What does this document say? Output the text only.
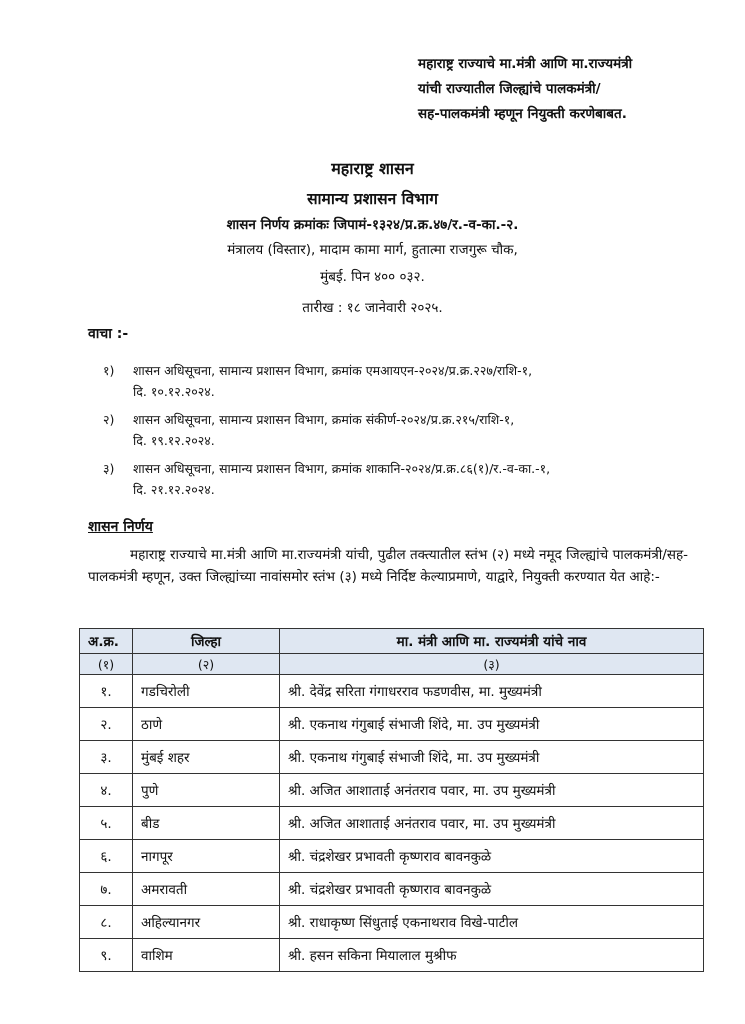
महाराष्ट्र राज्याचे मा.मंत्री आणि मा.राज्यमंत्री
यांची राज्यातील जिल्ह्यांचे पालकमंत्री/
सह-पालकमंत्री म्हणून नियुक्ती करणेबाबत.
महाराष्ट्र शासन
सामान्य प्रशासन विभाग
शासन निर्णय क्रमांकः जिपामं-१३२४/प्र.क्र.४७/र.-व-का.-२.
मंत्रालय (विस्तार), मादाम कामा मार्ग, हुतात्मा राजगुरू चौक,
मुंबई. पिन ४०० ०३२.
तारीख : १८ जानेवारी २०२५.
वाचा :-
१)	शासन अधिसूचना, सामान्य प्रशासन विभाग, क्रमांक एमआयएन-२०२४/प्र.क्र.२२७/राशि-१,
दि. १०.१२.२०२४.
२)	शासन अधिसूचना, सामान्य प्रशासन विभाग, क्रमांक संकीर्ण-२०२४/प्र.क्र.२१५/राशि-१,
दि. १९.१२.२०२४.
३)	शासन अधिसूचना, सामान्य प्रशासन विभाग, क्रमांक शाकानि-२०२४/प्र.क्र.८६(१)/र.-व-का.-१,
दि. २१.१२.२०२४.
शासन निर्णय
महाराष्ट्र राज्याचे मा.मंत्री आणि मा.राज्यमंत्री यांची, पुढील तक्त्यातील स्तंभ (२) मध्ये नमूद जिल्ह्यांचे पालकमंत्री/सह-पालकमंत्री म्हणून, उक्त जिल्ह्यांच्या नावांसमोर स्तंभ (३) मध्ये निर्दिष्ट केल्याप्रमाणे, याद्वारे, नियुक्ती करण्यात येत आहे:-
अ.क्र.	जिल्हा	मा. मंत्री आणि मा. राज्यमंत्री यांचे नाव
(१)	(२)	(३)
१.	गडचिरोली	श्री. देवेंद्र सरिता गंगाधरराव फडणवीस, मा. मुख्यमंत्री
२.	ठाणे	श्री. एकनाथ गंगुबाई संभाजी शिंदे, मा. उप मुख्यमंत्री
३.	मुंबई शहर	श्री. एकनाथ गंगुबाई संभाजी शिंदे, मा. उप मुख्यमंत्री
४.	पुणे	श्री. अजित आशाताई अनंतराव पवार, मा. उप मुख्यमंत्री
५.	बीड	श्री. अजित आशाताई अनंतराव पवार, मा. उप मुख्यमंत्री
६.	नागपूर	श्री. चंद्रशेखर प्रभावती कृष्णराव बावनकुळे
७.	अमरावती	श्री. चंद्रशेखर प्रभावती कृष्णराव बावनकुळे
८.	अहिल्यानगर	श्री. राधाकृष्ण सिंधुताई एकनाथराव विखे-पाटील
९.	वाशिम	श्री. हसन सकिना मियालाल मुश्रीफ
